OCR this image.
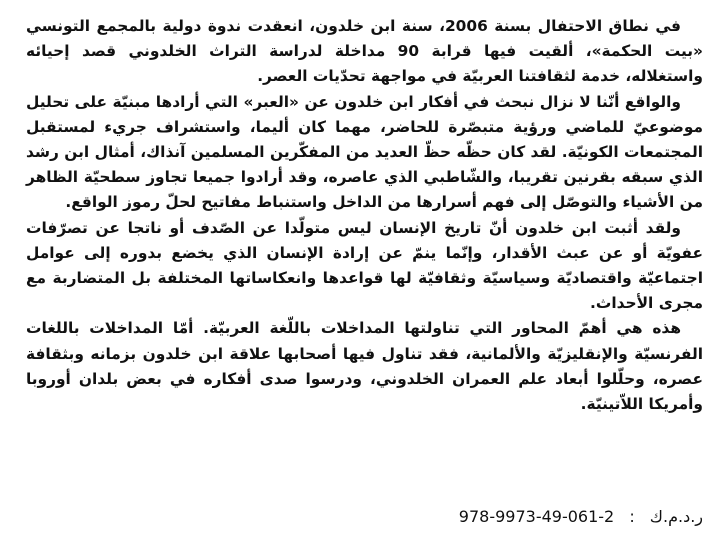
في نطاق الاحتفال بسنة 2006، سنة ابن خلدون، انعقدت ندوة دولية بالمجمع التونسي «بيت الحكمة»، ألقيت فيها قرابة 90 مداخلة لدراسة التراث الخلدوني قصد إحيائه واستغلاله، خدمة لثقافتنا العربيّة في مواجهة تحدّيات العصر.

والواقع أنّنا لا نزال نبحث في أفكار ابن خلدون عن «العبر» التي أرادها مبنيّة على تحليل موضوعيّ للماضي ورؤية متبصّرة للحاضر، مهما كان أليما، واستشراف جريء لمستقبل المجتمعات الكونيّة. لقد كان حظّه حظّ العديد من المفكّرين المسلمين آنذاك، أمثال ابن رشد الذي سبقه بقرنين تقريبا، والشّاطبي الذي عاصره، وقد أرادوا جميعا تجاوز سطحيّة الظاهر من الأشياء والتوصّل إلى فهم أسرارها من الداخل واستنباط مفاتيح لحلّ رموز الواقع.

ولقد أثبت ابن خلدون أنّ تاريخ الإنسان ليس متولّدا عن الصّدف أو ناتجا عن تصرّفات عفويّة أو عن عبث الأقدار، وإنّما ينمّ عن إرادة الإنسان الذي يخضع بدوره إلى عوامل اجتماعيّة واقتصاديّة وسياسيّة وثقافيّة لها قواعدها وانعكاساتها المختلفة بل المتضاربة مع مجرى الأحداث.

هذه هي أهمّ المحاور التي تناولتها المداخلات باللّغة العربيّة. أمّا المداخلات باللغات الفرنسيّة والإنقليزيّة والألمانية، فقد تناول فيها أصحابها علاقة ابن خلدون بزمانه وبثقافة عصره، وحلّلوا أبعاد علم العمران الخلدوني، ودرسوا صدى أفكاره في بعض بلدان أوروبا وأمريكا اللاّتينيّة.

ر.د.م.ك : 978-9973-49-061-2
